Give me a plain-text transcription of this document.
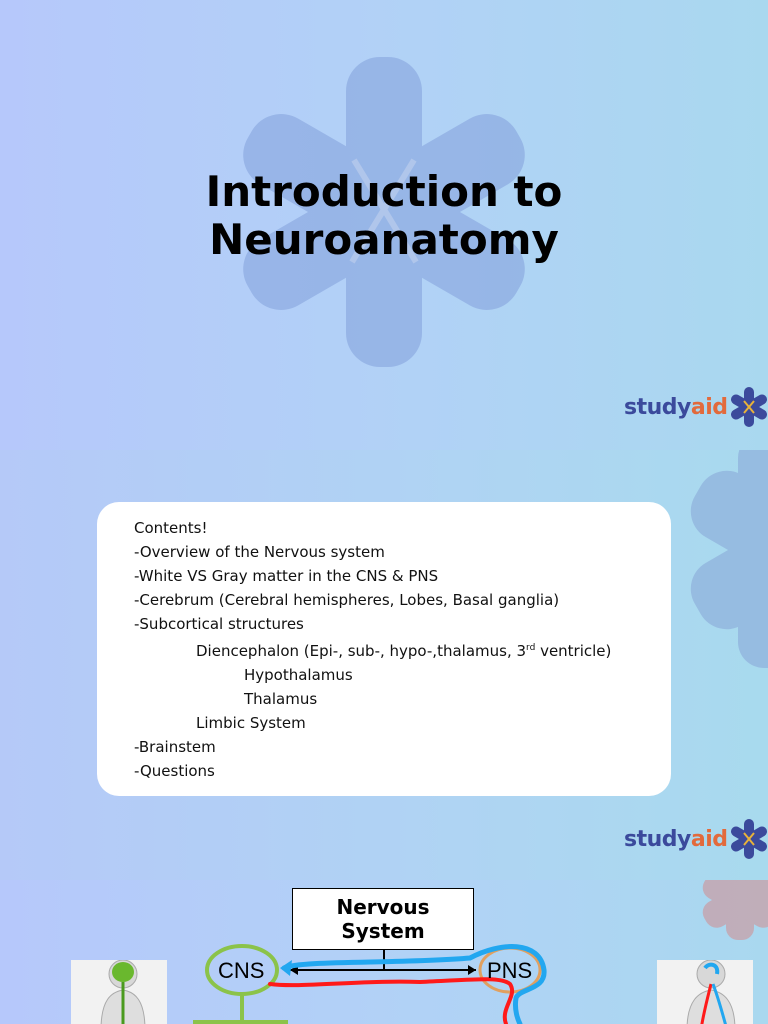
Introduction to
Neuroanatomy
studyaid
Contents!
-Overview of the Nervous system
-White VS Gray matter in the CNS & PNS
-Cerebrum (Cerebral hemispheres, Lobes, Basal ganglia)
-Subcortical structures
Diencephalon (Epi-, sub-, hypo-,thalamus, 3rd ventricle)
Hypothalamus
Thalamus
Limbic System
-Brainstem
-Questions
studyaid
Nervous
System
CNS	PNS
